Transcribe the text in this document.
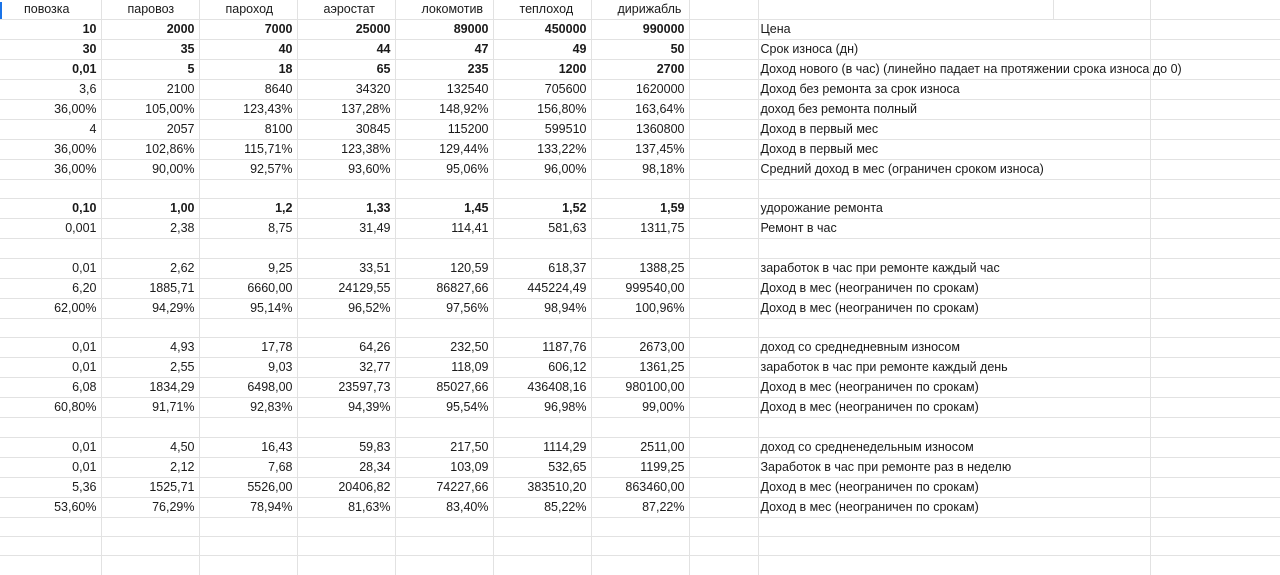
повозка	паровоз	пароход	аэростат	локомотив	теплоход	дирижабль				
10	2000	7000	25000	89000	450000	990000		Цена		
30	35	40	44	47	49	50		Срок износа (дн)		
0,01	5	18	65	235	1200	2700		Доход нового (в час) (линейно падает на протяжении срока износа до 0)		
3,6	2100	8640	34320	132540	705600	1620000		Доход без ремонта за срок износа		
36,00%	105,00%	123,43%	137,28%	148,92%	156,80%	163,64%		доход без ремонта полный		
4	2057	8100	30845	115200	599510	1360800		Доход в первый мес		
36,00%	102,86%	115,71%	123,38%	129,44%	133,22%	137,45%		Доход в первый мес		
36,00%	90,00%	92,57%	93,60%	95,06%	96,00%	98,18%		Средний доход в мес (ограничен сроком износа)		

0,10	1,00	1,2	1,33	1,45	1,52	1,59		удорожание ремонта		
0,001	2,38	8,75	31,49	114,41	581,63	1311,75		Ремонт в час		

0,01	2,62	9,25	33,51	120,59	618,37	1388,25		заработок в час при ремонте каждый час		
6,20	1885,71	6660,00	24129,55	86827,66	445224,49	999540,00		Доход в мес (неограничен по срокам)		
62,00%	94,29%	95,14%	96,52%	97,56%	98,94%	100,96%		Доход в мес (неограничен по срокам)		

0,01	4,93	17,78	64,26	232,50	1187,76	2673,00		доход со среднедневным износом		
0,01	2,55	9,03	32,77	118,09	606,12	1361,25		заработок в час при ремонте каждый день		
6,08	1834,29	6498,00	23597,73	85027,66	436408,16	980100,00		Доход в мес (неограничен по срокам)		
60,80%	91,71%	92,83%	94,39%	95,54%	96,98%	99,00%		Доход в мес (неограничен по срокам)		

0,01	4,50	16,43	59,83	217,50	1114,29	2511,00		доход со средненедельным износом		
0,01	2,12	7,68	28,34	103,09	532,65	1199,25		Заработок в час при ремонте раз в неделю		
5,36	1525,71	5526,00	20406,82	74227,66	383510,20	863460,00		Доход в мес (неограничен по срокам)		
53,60%	76,29%	78,94%	81,63%	83,40%	85,22%	87,22%		Доход в мес (неограничен по срокам)		
